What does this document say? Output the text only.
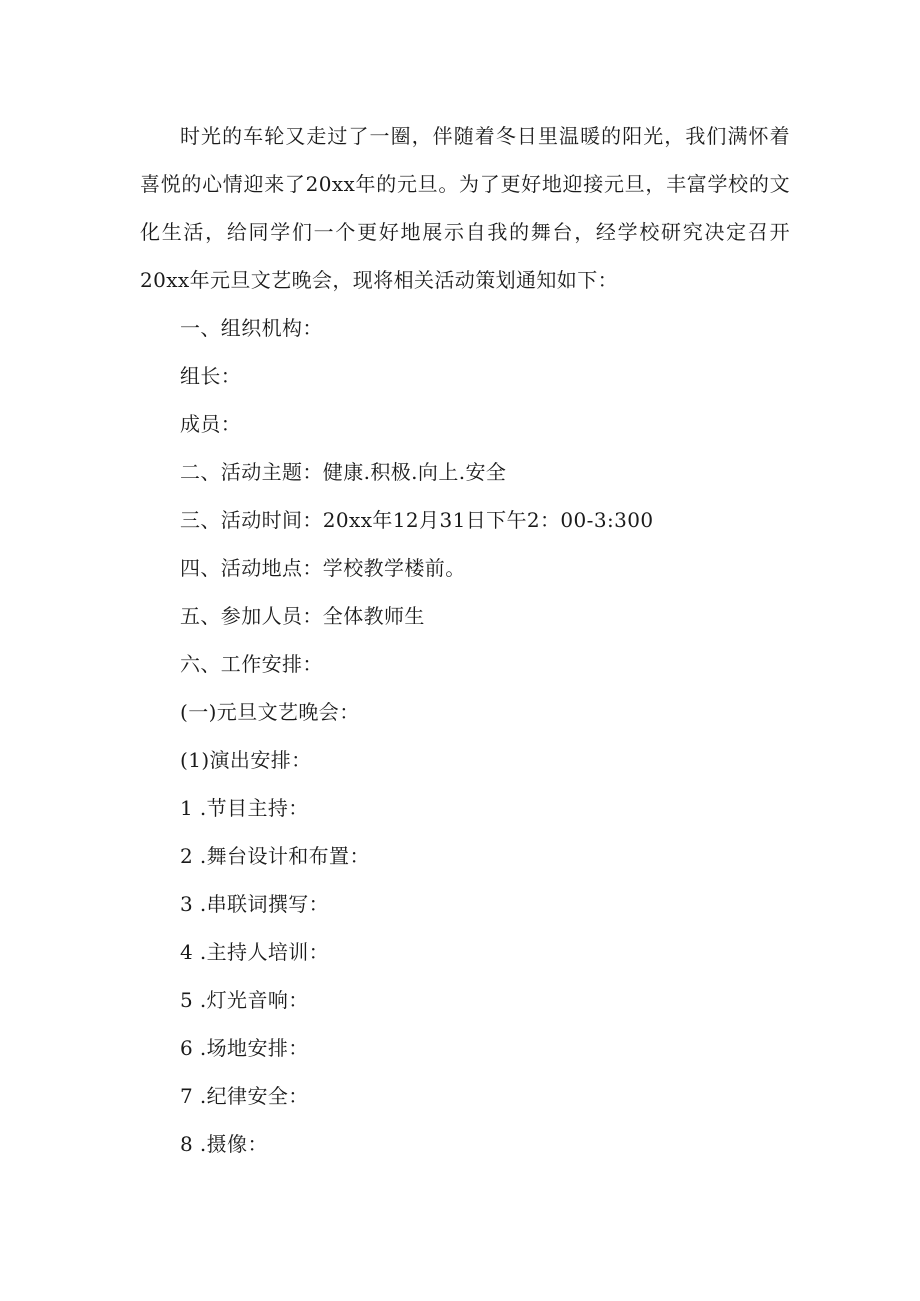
时光的车轮又走过了一圈，伴随着冬日里温暖的阳光，我们满怀着喜悦的心情迎来了20xx年的元旦。为了更好地迎接元旦，丰富学校的文化生活，给同学们一个更好地展示自我的舞台，经学校研究决定召开20xx年元旦文艺晚会，现将相关活动策划通知如下：

一、组织机构：
组长：
成员：
二、活动主题：健康.积极.向上.安全
三、活动时间：20xx年12月31日下午2：00-3:300
四、活动地点：学校教学楼前。
五、参加人员：全体教师生
六、工作安排：
(一)元旦文艺晚会：
(1)演出安排：
1 .节目主持：
2 .舞台设计和布置：
3 .串联词撰写：
4 .主持人培训：
5 .灯光音响：
6 .场地安排：
7 .纪律安全：
8 .摄像：
